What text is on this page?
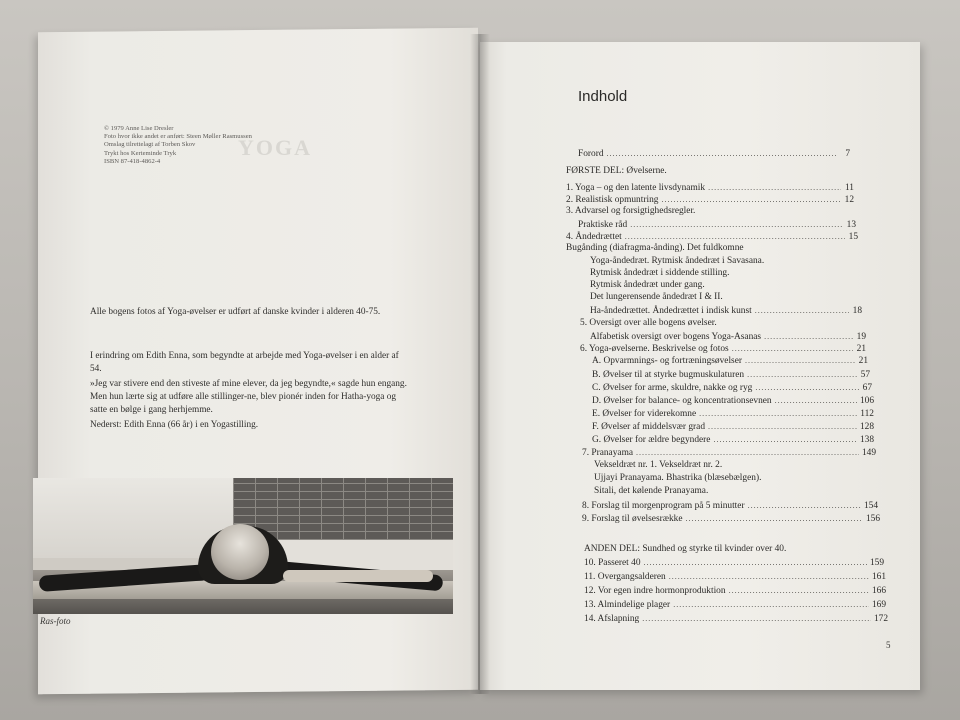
YOGA
© 1979 Anne Lise Dresler
Foto hvor ikke andet er anført: Steen Møller Rasmussen
Omslag tilrettelagt af Torben Skov
Trykt hos Kerteminde Tryk
ISBN 87-418-4862-4

Alle bogens fotos af Yoga-øvelser er udført af danske kvinder i alderen 40-75.

I erindring om Edith Enna, som begyndte at arbejde med Yoga-øvelser i en alder af 54.

»Jeg var stivere end den stiveste af mine elever, da jeg begyndte,« sagde hun engang. Men hun lærte sig at udføre alle stillinger-ne, blev pionér inden for Hatha-yoga og satte en bølge i gang herhjemme.

Nederst: Edith Enna (66 år) i en Yogastilling.

Ras-foto
Indhold
Forord .....	7
FØRSTE DEL: Øvelserne.
1. Yoga – og den latente livsdynamik .....	11
2. Realistisk opmuntring .....	12
3. Advarsel og forsigtighedsregler.
Praktiske råd .....	13
4. Åndedrættet .....	15
Bugånding (diafragma-ånding). Det fuldkomne
Yoga-åndedræt. Rytmisk åndedræt i Savasana.
Rytmisk åndedræt i siddende stilling.
Rytmisk åndedræt under gang.
Det lungerensende åndedræt I & II.
Ha-åndedrættet. Åndedrættet i indisk kunst .....	18
5. Oversigt over alle bogens øvelser.
Alfabetisk oversigt over bogens Yoga-Asanas .....	19
6. Yoga-øvelserne. Beskrivelse og fotos .....	21
A. Opvarmnings- og fortræningsøvelser .....	21
B. Øvelser til at styrke bugmuskulaturen .....	57
C. Øvelser for arme, skuldre, nakke og ryg .....	67
D. Øvelser for balance- og koncentrationsevnen .....	106
E. Øvelser for viderekomne .....	112
F. Øvelser af middelsvær grad .....	128
G. Øvelser for ældre begyndere .....	138
7. Pranayama .....	149
Vekseldræt nr. 1. Vekseldræt nr. 2.
Ujjayi Pranayama. Bhastrika (blæsebælgen).
Sitali, det kølende Pranayama.
8. Forslag til morgenprogram på 5 minutter .....	154
9. Forslag til øvelsesrække .....	156
ANDEN DEL: Sundhed og styrke til kvinder over 40.
10. Passeret 40 .....	159
11. Overgangsalderen .....	161
12. Vor egen indre hormonproduktion .....	166
13. Almindelige plager .....	169
14. Afslapning .....	172
5
